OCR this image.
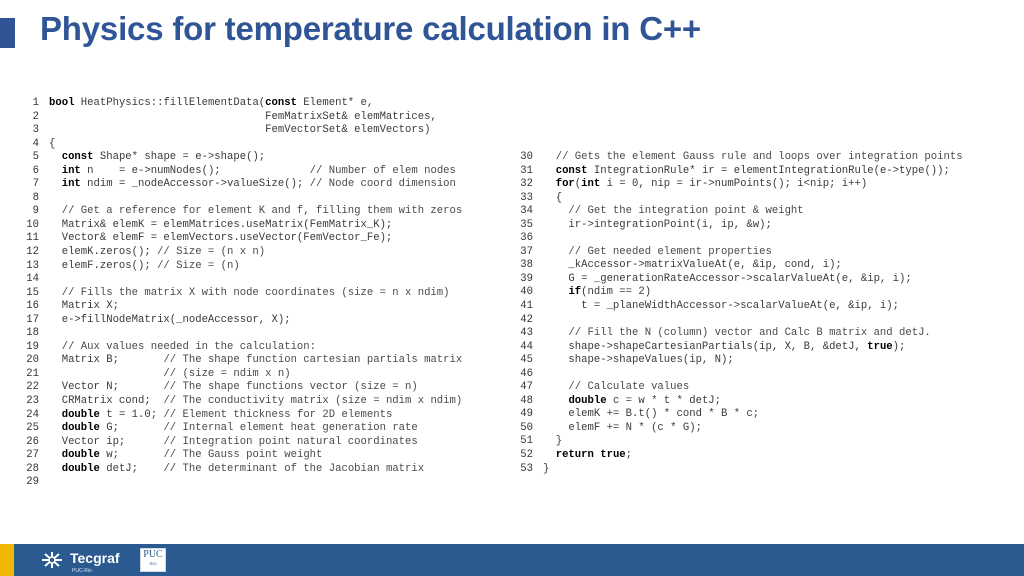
Physics for temperature calculation in C++
1 bool HeatPhysics::fillElementData(const Element* e,
2                                  FemMatrixSet& elemMatrices,
3                                  FemVectorSet& elemVectors)
4 {
5 const Shape* shape = e->shape();
6 int n    = e->numNodes();              // Number of elem nodes
7 int ndim = _nodeAccessor->valueSize(); // Node coord dimension
8
9  // Get a reference for element K and f, filling them with zeros
10  Matrix& elemK = elemMatrices.useMatrix(FemMatrix_K);
11  Vector& elemF = elemVectors.useVector(FemVector_Fe);
12  elemK.zeros(); // Size = (n x n)
13  elemF.zeros(); // Size = (n)
14
15  // Fills the matrix X with node coordinates (size = n x ndim)
16  Matrix X;
17  e->fillNodeMatrix(_nodeAccessor, X);
18
19  // Aux values needed in the calculation:
20  Matrix B;       // The shape function cartesian partials matrix
21                  // (size = ndim x n)
22  Vector N;       // The shape functions vector (size = n)
23  CRMatrix cond;  // The conductivity matrix (size = ndim x ndim)
24 double t = 1.0; // Element thickness for 2D elements
25 double G;       // Internal element heat generation rate
26  Vector ip;      // Integration point natural coordinates
27 double w;       // The Gauss point weight
28 double detJ;    // The determinant of the Jacobian matrix
29
30  // Gets the element Gauss rule and loops over integration points
31 const IntegrationRule* ir = elementIntegrationRule(e->type());
32 for(int i = 0, nip = ir->numPoints(); i<nip; i++)
33  {
34    // Get the integration point & weight
35    ir->integrationPoint(i, ip, &w);
36
37    // Get needed element properties
38    _kAccessor->matrixValueAt(e, &ip, cond, i);
39    G = _generationRateAccessor->scalarValueAt(e, &ip, i);
40	if(ndim == 2)
41      t = _planeWidthAccessor->scalarValueAt(e, &ip, i);
42
43    // Fill the N (column) vector and Calc B matrix and detJ.
44    shape->shapeCartesianPartials(ip, X, B, &detJ, true);
45    shape->shapeValues(ip, N);
46
47    // Calculate values
48	double c = w * t * detJ;
49    elemK += B.t() * cond * B * c;
50    elemF += N * (c * G);
51  }
52 return true;
53 }
Tecgraf
PUC-Rio
PUC
RIO
